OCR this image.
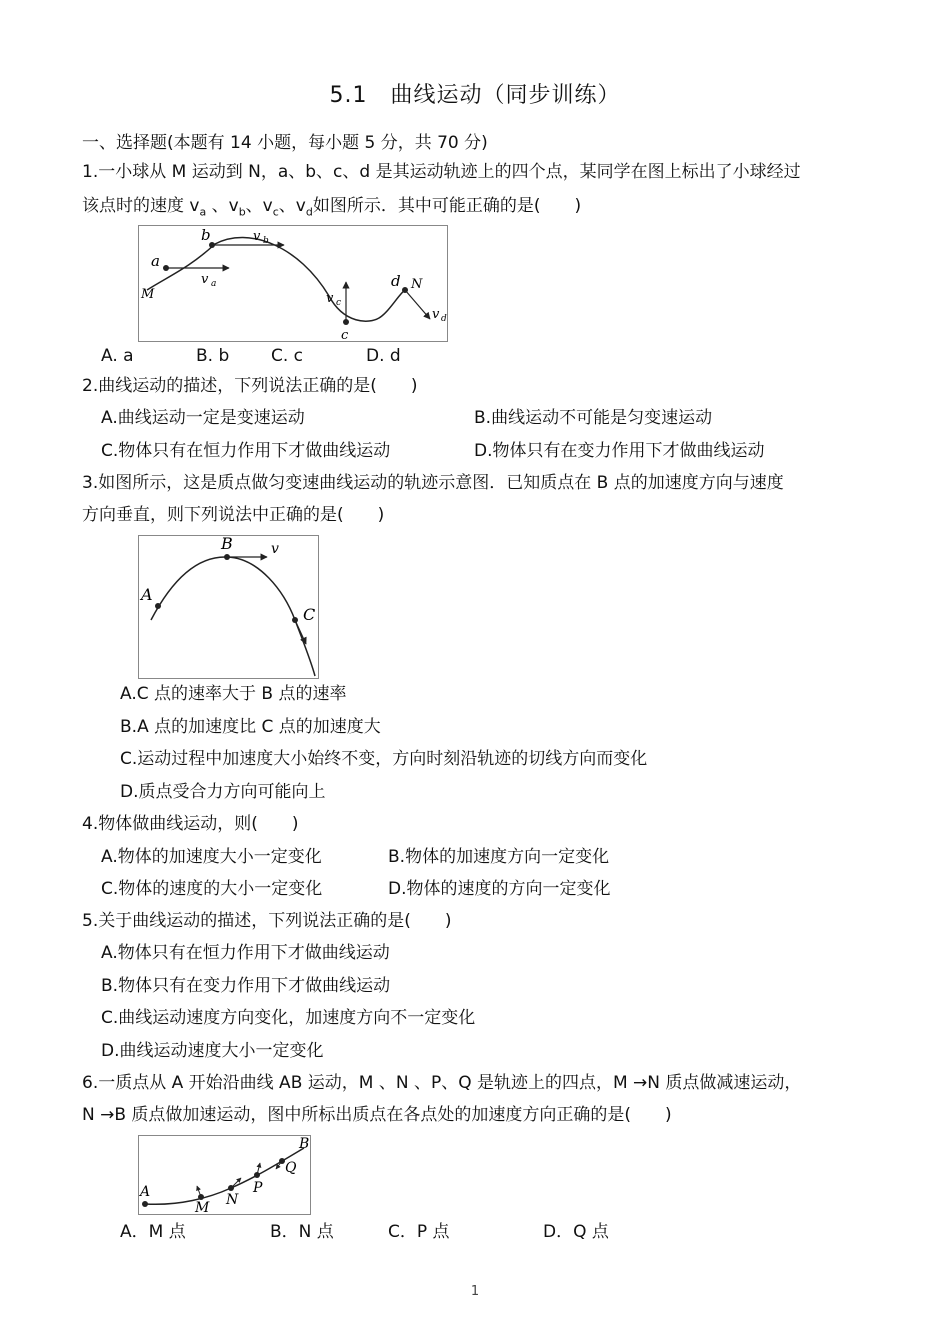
5.1　曲线运动（同步训练）
一、选择题(本题有 14 小题，每小题 5 分，共 70 分)
1.一小球从 M 运动到 N，a、b、c、d 是其运动轨迹上的四个点，某同学在图上标出了小球经过
该点时的速度 $v_a$ 、$v_b$、$v_c$、$v_d$如图所示．其中可能正确的是(　　)
M
a
b
c
d N
v a
v b
v c
v d
A. a	B. b C. c	D. d
2.曲线运动的描述，下列说法正确的是(　　)
A.曲线运动一定是变速运动	B.曲线运动不可能是匀变速运动
C.物体只有在恒力作用下才做曲线运动	D.物体只有在变力作用下才做曲线运动
3.如图所示，这是质点做匀变速曲线运动的轨迹示意图．已知质点在 B 点的加速度方向与速度
方向垂直，则下列说法中正确的是(　　)
A
B	v
C
A.C 点的速率大于 B 点的速率
B.A 点的加速度比 C 点的加速度大
C.运动过程中加速度大小始终不变，方向时刻沿轨迹的切线方向而变化
D.质点受合力方向可能向上
4.物体做曲线运动，则(　　)
A.物体的加速度大小一定变化	B.物体的加速度方向一定变化
C.物体的速度的大小一定变化	D.物体的速度的方向一定变化
5.关于曲线运动的描述，下列说法正确的是(　　)
A.物体只有在恒力作用下才做曲线运动
B.物体只有在变力作用下才做曲线运动
C.曲线运动速度方向变化，加速度方向不一定变化
D.曲线运动速度大小一定变化
6.一质点从 A 开始沿曲线 AB 运动，M 、N 、P、Q 是轨迹上的四点，M →N 质点做减速运动，
N →B 质点做加速运动，图中所标出质点在各点处的加速度方向正确的是(　　)
A
M N
P
Q
B
A．M 点	B．N 点	C．P 点	D．Q 点
1
